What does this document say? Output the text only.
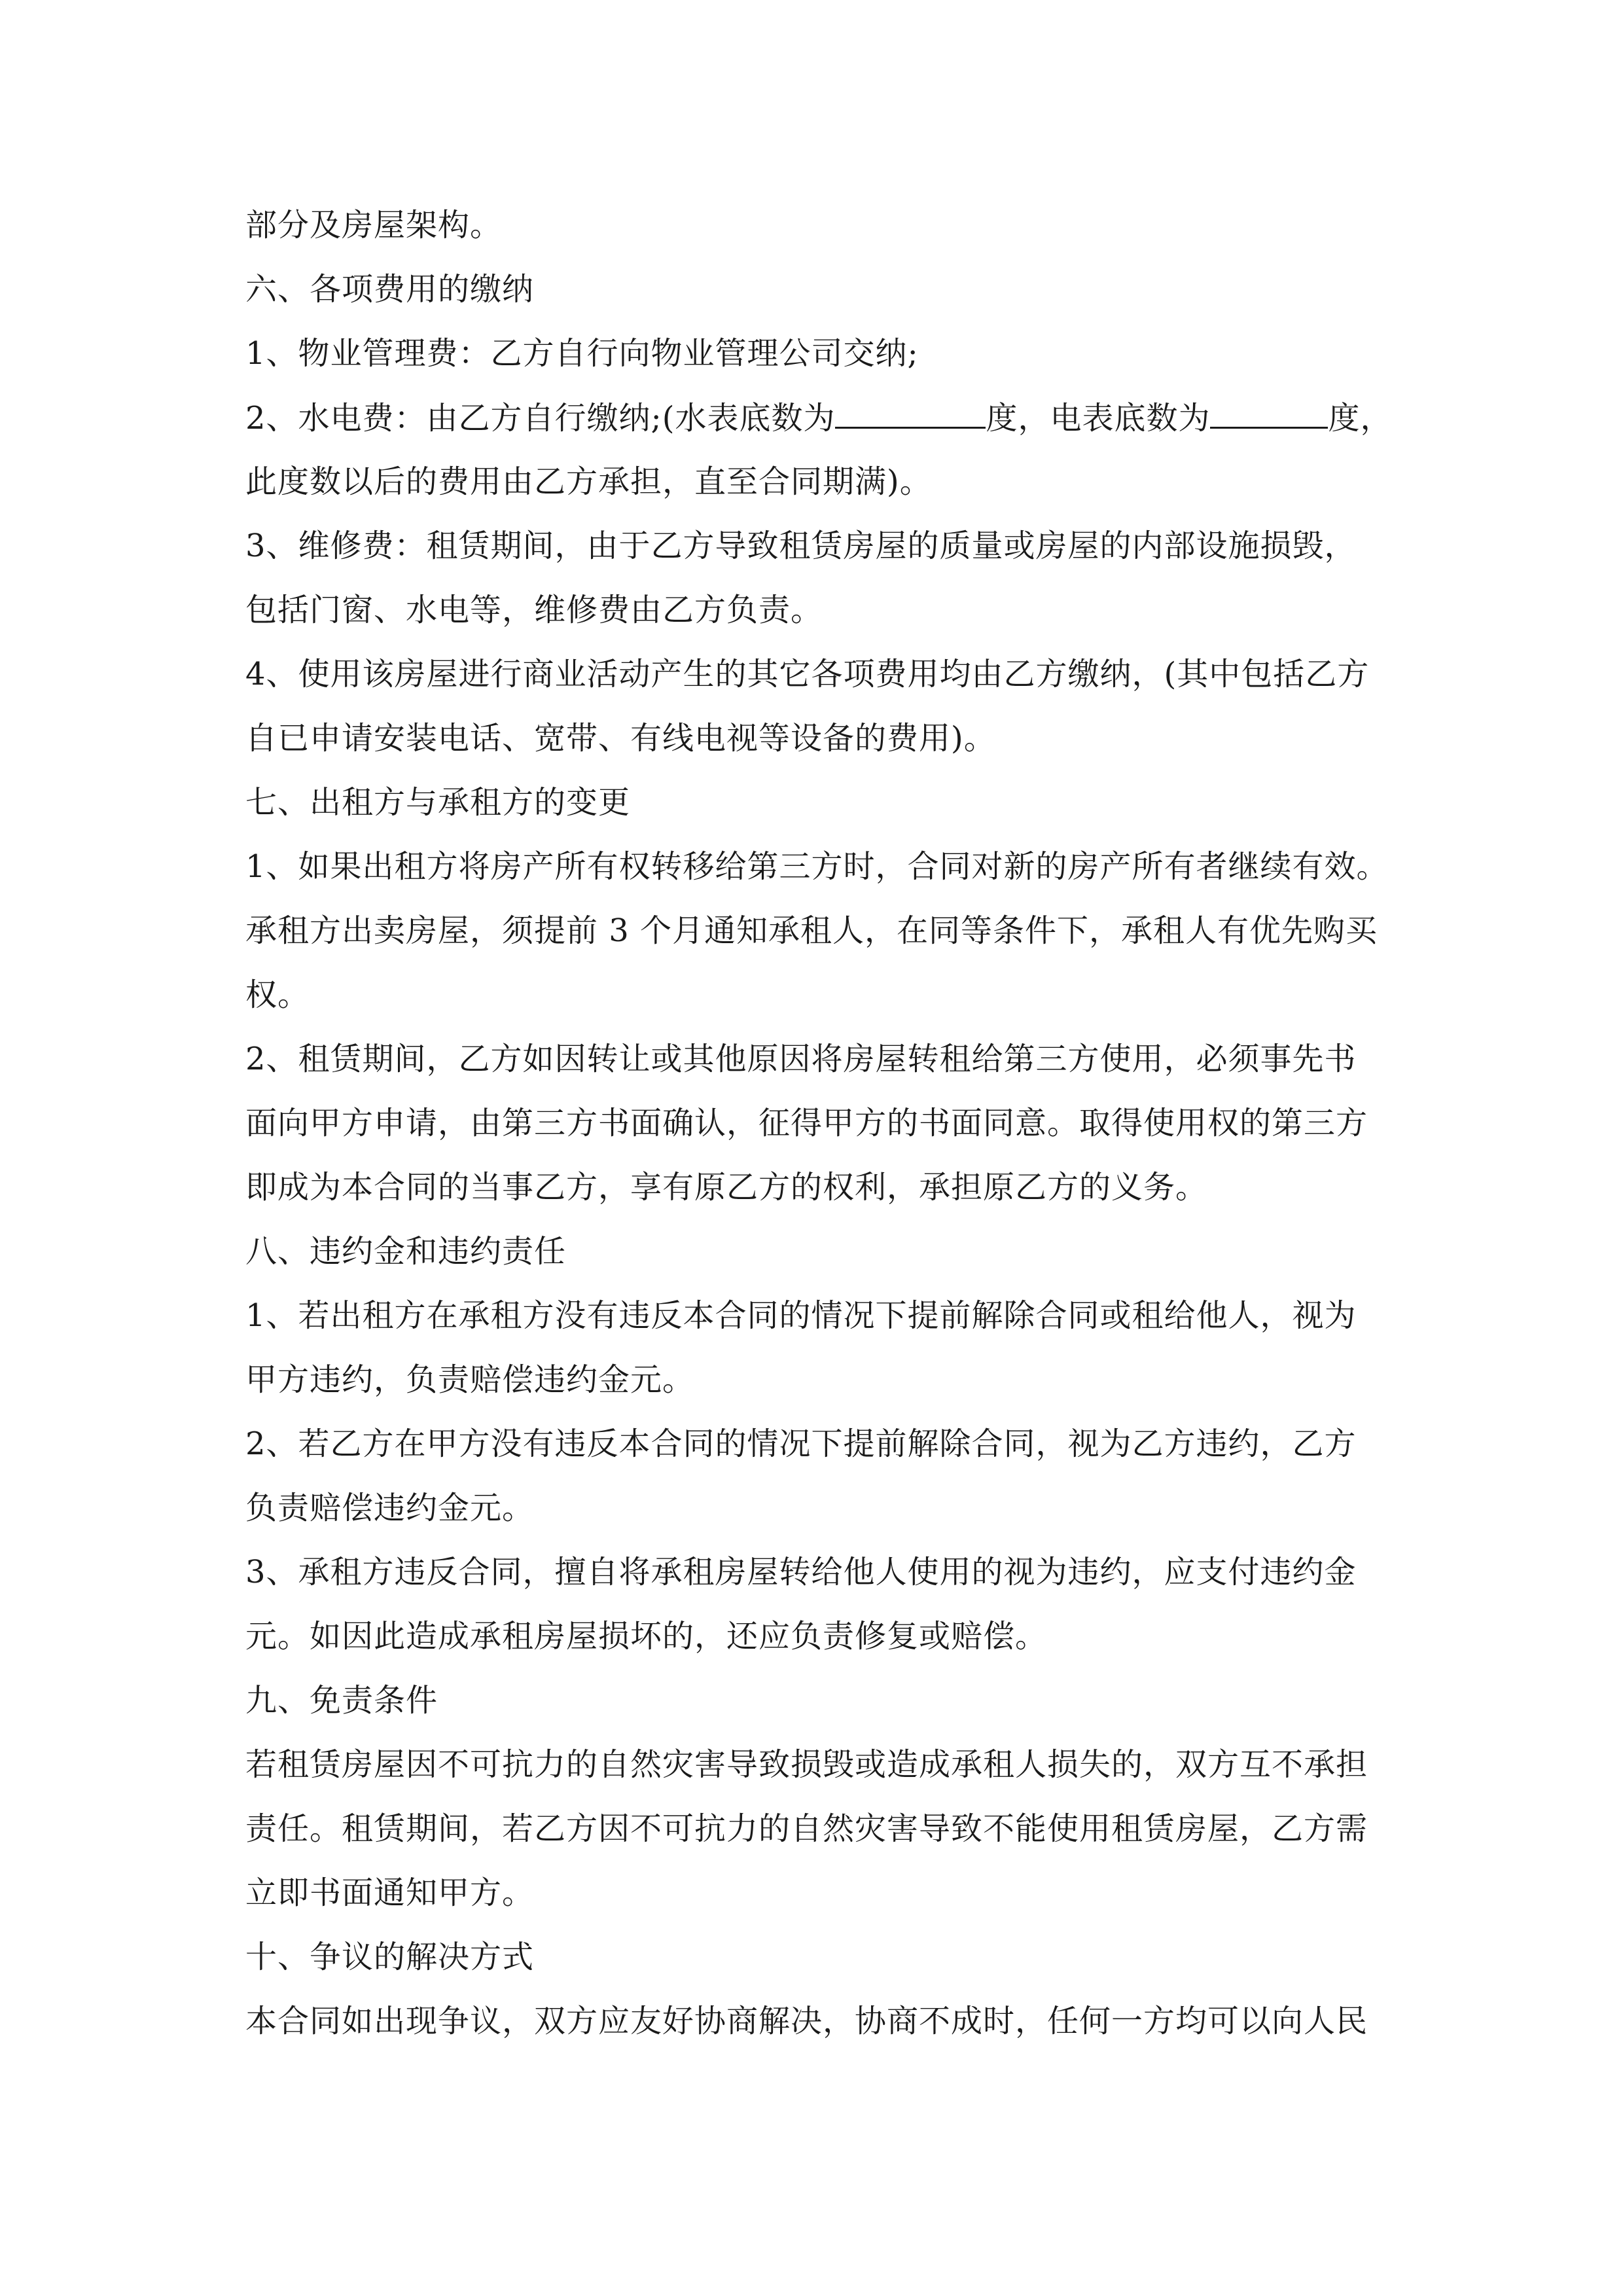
部分及房屋架构。
六、各项费用的缴纳
1、物业管理费：乙方自行向物业管理公司交纳;
2、水电费：由乙方自行缴纳;(水表底数为	度，电表底数为	度，
此度数以后的费用由乙方承担，直至合同期满)。
3、维修费：租赁期间，由于乙方导致租赁房屋的质量或房屋的内部设施损毁，
包括门窗、水电等，维修费由乙方负责。
4、使用该房屋进行商业活动产生的其它各项费用均由乙方缴纳，(其中包括乙方
自已申请安装电话、宽带、有线电视等设备的费用)。
七、出租方与承租方的变更
1、如果出租方将房产所有权转移给第三方时，合同对新的房产所有者继续有效。
承租方出卖房屋，须提前 3 个月通知承租人，在同等条件下，承租人有优先购买
权。
2、租赁期间，乙方如因转让或其他原因将房屋转租给第三方使用，必须事先书
面向甲方申请，由第三方书面确认，征得甲方的书面同意。取得使用权的第三方
即成为本合同的当事乙方，享有原乙方的权利，承担原乙方的义务。
八、违约金和违约责任
1、若出租方在承租方没有违反本合同的情况下提前解除合同或租给他人，视为
甲方违约，负责赔偿违约金元。
2、若乙方在甲方没有违反本合同的情况下提前解除合同，视为乙方违约，乙方
负责赔偿违约金元。
3、承租方违反合同，擅自将承租房屋转给他人使用的视为违约，应支付违约金
元。如因此造成承租房屋损坏的，还应负责修复或赔偿。
九、免责条件
若租赁房屋因不可抗力的自然灾害导致损毁或造成承租人损失的，双方互不承担
责任。租赁期间，若乙方因不可抗力的自然灾害导致不能使用租赁房屋，乙方需
立即书面通知甲方。
十、争议的解决方式
本合同如出现争议，双方应友好协商解决，协商不成时，任何一方均可以向人民
